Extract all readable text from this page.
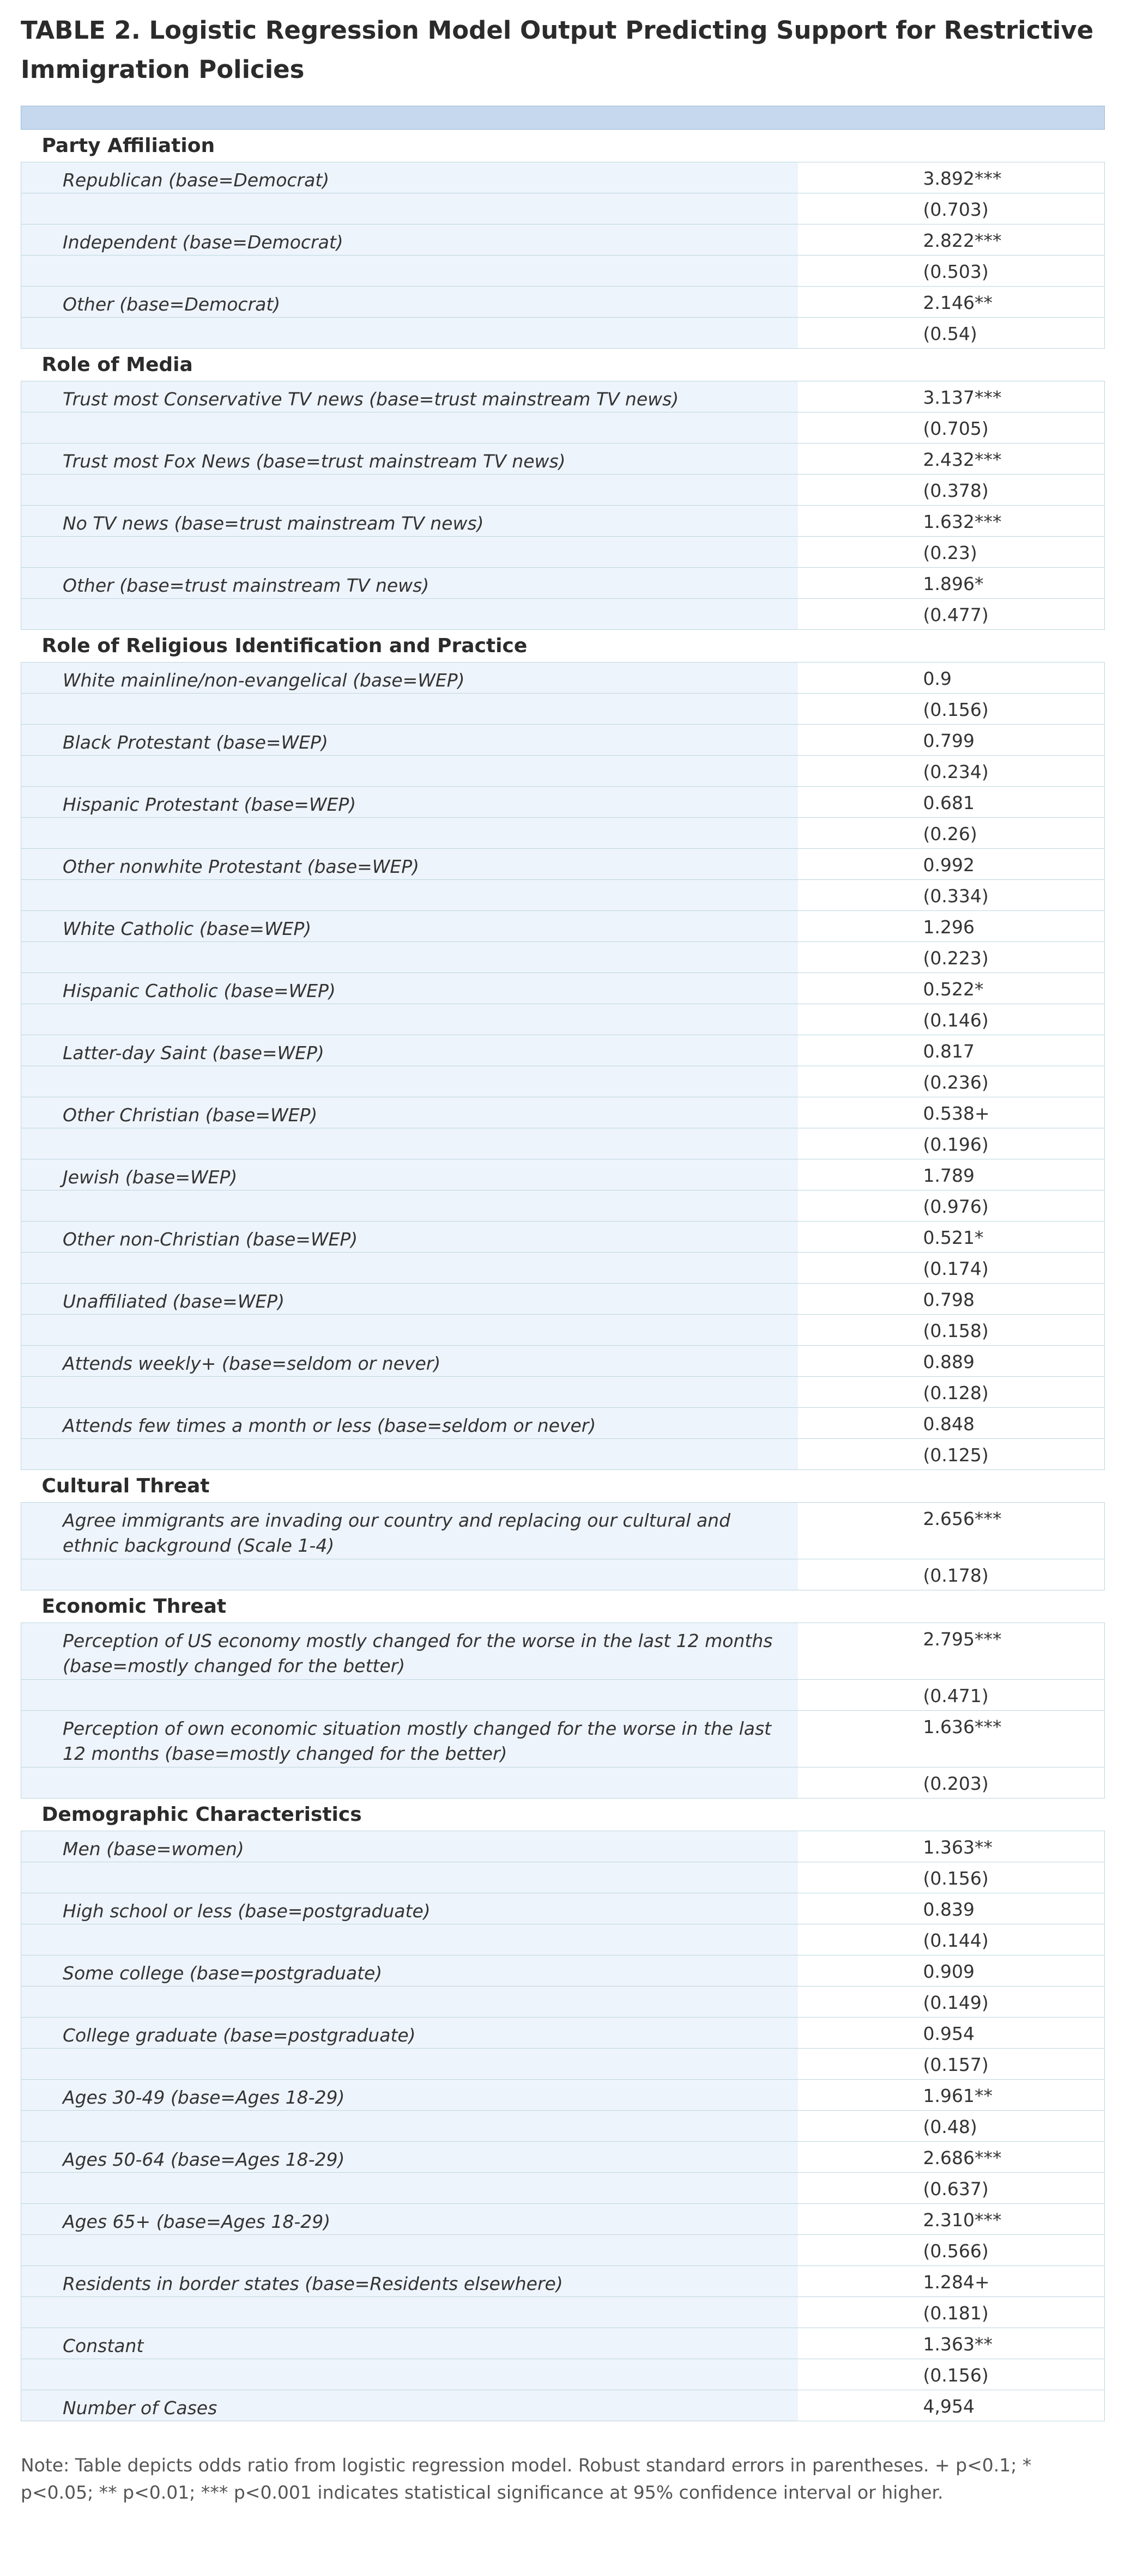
TABLE 2. Logistic Regression Model Output Predicting Support for Restrictive Immigration Policies

Party Affiliation	
Republican (base=Democrat)	3.892***
	(0.703)
Independent (base=Democrat)	2.822***
	(0.503)
Other (base=Democrat)	2.146**
	(0.54)
Role of Media	
Trust most Conservative TV news (base=trust mainstream TV news)	3.137***
	(0.705)
Trust most Fox News (base=trust mainstream TV news)	2.432***
	(0.378)
No TV news (base=trust mainstream TV news)	1.632***
	(0.23)
Other (base=trust mainstream TV news)	1.896*
	(0.477)
Role of Religious Identification and Practice	
White mainline/non-evangelical (base=WEP)	0.9
	(0.156)
Black Protestant (base=WEP)	0.799
	(0.234)
Hispanic Protestant (base=WEP)	0.681
	(0.26)
Other nonwhite Protestant (base=WEP)	0.992
	(0.334)
White Catholic (base=WEP)	1.296
	(0.223)
Hispanic Catholic (base=WEP)	0.522*
	(0.146)
Latter-day Saint (base=WEP)	0.817
	(0.236)
Other Christian (base=WEP)	0.538+
	(0.196)
Jewish (base=WEP)	1.789
	(0.976)
Other non-Christian (base=WEP)	0.521*
	(0.174)
Unaffiliated (base=WEP)	0.798
	(0.158)
Attends weekly+ (base=seldom or never)	0.889
	(0.128)
Attends few times a month or less (base=seldom or never)	0.848
	(0.125)
Cultural Threat	
Agree immigrants are invading our country and replacing our cultural and ethnic background (Scale 1-4)	2.656***
	(0.178)
Economic Threat	
Perception of US economy mostly changed for the worse in the last 12 months (base=mostly changed for the better)	2.795***
	(0.471)
Perception of own economic situation mostly changed for the worse in the last 12 months (base=mostly changed for the better)	1.636***
	(0.203)
Demographic Characteristics	
Men (base=women)	1.363**
	(0.156)
High school or less (base=postgraduate)	0.839
	(0.144)
Some college (base=postgraduate)	0.909
	(0.149)
College graduate (base=postgraduate)	0.954
	(0.157)
Ages 30-49 (base=Ages 18-29)	1.961**
	(0.48)
Ages 50-64 (base=Ages 18-29)	2.686***
	(0.637)
Ages 65+ (base=Ages 18-29)	2.310***
	(0.566)
Residents in border states (base=Residents elsewhere)	1.284+
	(0.181)
Constant	1.363**
	(0.156)
Number of Cases	4,954
Note: Table depicts odds ratio from logistic regression model. Robust standard errors in parentheses. + p<0.1; * p<0.05; ** p<0.01; *** p<0.001 indicates statistical significance at 95% confidence interval or higher.
